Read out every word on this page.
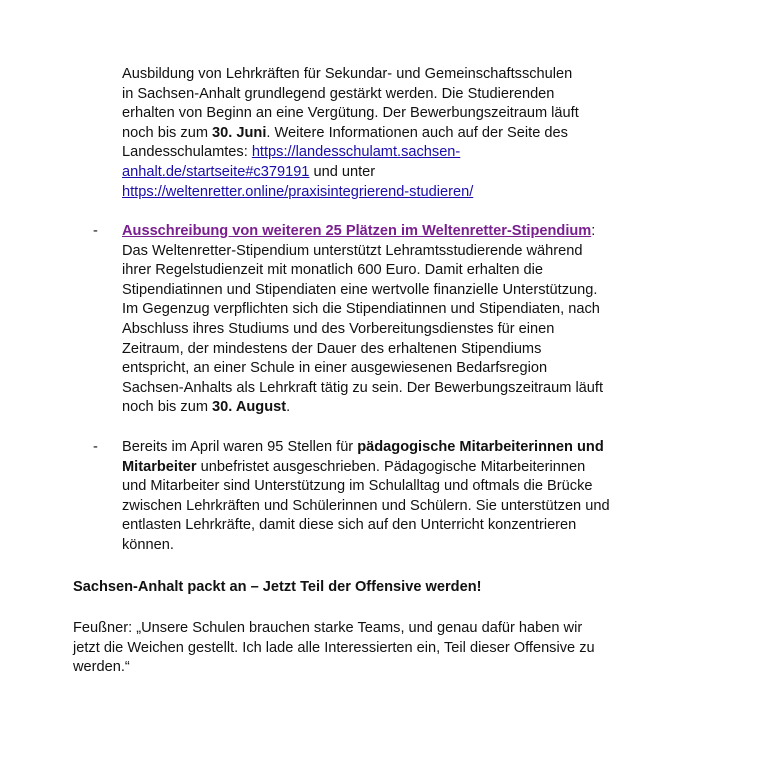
Ausbildung von Lehrkräften für Sekundar- und Gemeinschaftsschulen
in Sachsen-Anhalt grundlegend gestärkt werden. Die Studierenden
erhalten von Beginn an eine Vergütung. Der Bewerbungszeitraum läuft
noch bis zum 30. Juni. Weitere Informationen auch auf der Seite des
Landesschulamtes: https://landesschulamt.sachsen-
anhalt.de/startseite#c379191 und unter
https://weltenretter.online/praxisintegrierend-studieren/

-	Ausschreibung von weiteren 25 Plätzen im Weltenretter-Stipendium:
Das Weltenretter-Stipendium unterstützt Lehramtsstudierende während
ihrer Regelstudienzeit mit monatlich 600 Euro. Damit erhalten die
Stipendiatinnen und Stipendiaten eine wertvolle finanzielle Unterstützung.
Im Gegenzug verpflichten sich die Stipendiatinnen und Stipendiaten, nach
Abschluss ihres Studiums und des Vorbereitungsdienstes für einen
Zeitraum, der mindestens der Dauer des erhaltenen Stipendiums
entspricht, an einer Schule in einer ausgewiesenen Bedarfsregion
Sachsen-Anhalts als Lehrkraft tätig zu sein. Der Bewerbungszeitraum läuft
noch bis zum 30. August.

-	Bereits im April waren 95 Stellen für pädagogische Mitarbeiterinnen und
Mitarbeiter unbefristet ausgeschrieben. Pädagogische Mitarbeiterinnen
und Mitarbeiter sind Unterstützung im Schulalltag und oftmals die Brücke
zwischen Lehrkräften und Schülerinnen und Schülern. Sie unterstützen und
entlasten Lehrkräfte, damit diese sich auf den Unterricht konzentrieren
können.

Sachsen-Anhalt packt an – Jetzt Teil der Offensive werden!
Feußner: „Unsere Schulen brauchen starke Teams, und genau dafür haben wir
jetzt die Weichen gestellt. Ich lade alle Interessierten ein, Teil dieser Offensive zu
werden.“
